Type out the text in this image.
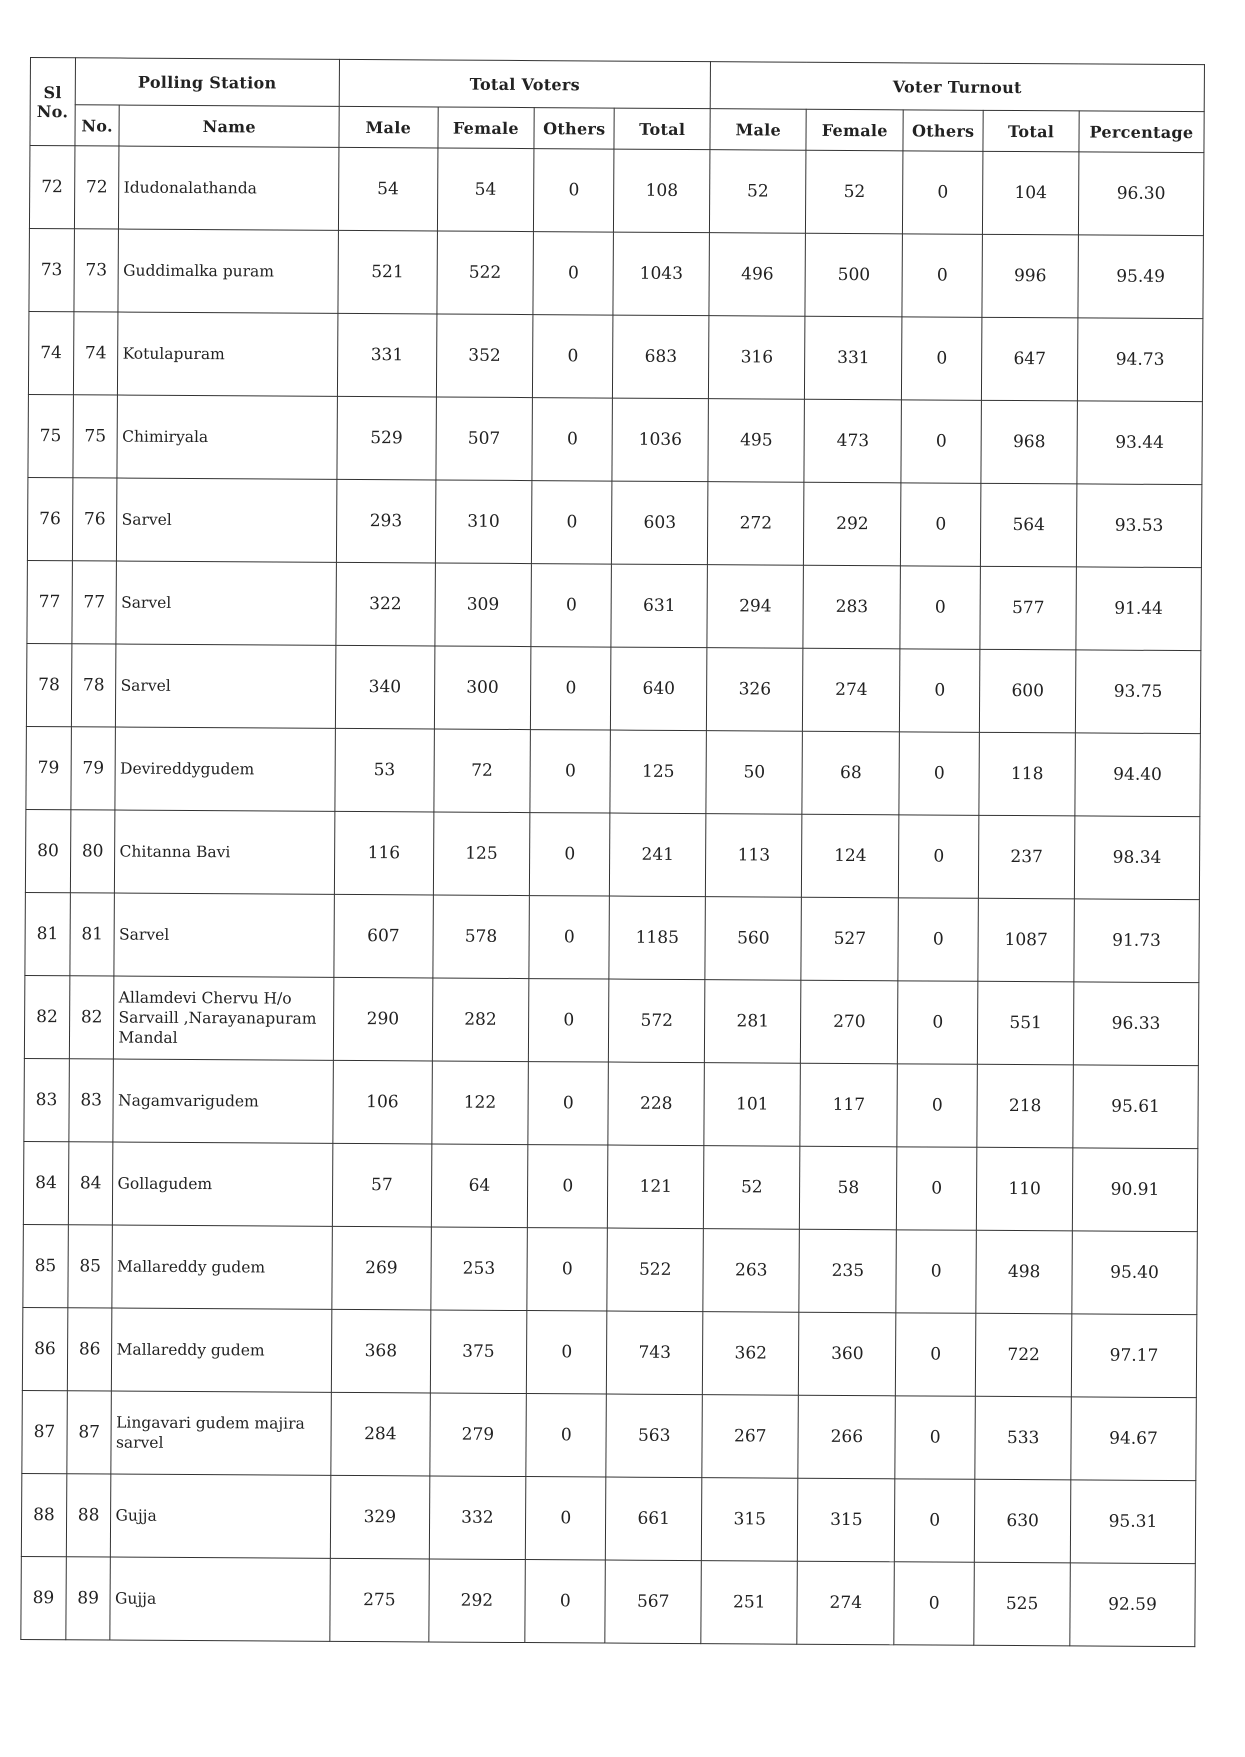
Sl No.	Polling Station		Total Voters				Voter Turnout				
	No.	Name	Male	Female	Others	Total	Male	Female	Others	Total	Percentage
72	72	Idudonalathanda	54	54	0	108	52	52	0	104	96.30
73	73	Guddimalka puram	521	522	0	1043	496	500	0	996	95.49
74	74	Kotulapuram	331	352	0	683	316	331	0	647	94.73
75	75	Chimiryala	529	507	0	1036	495	473	0	968	93.44
76	76	Sarvel	293	310	0	603	272	292	0	564	93.53
77	77	Sarvel	322	309	0	631	294	283	0	577	91.44
78	78	Sarvel	340	300	0	640	326	274	0	600	93.75
79	79	Devireddygudem	53	72	0	125	50	68	0	118	94.40
80	80	Chitanna Bavi	116	125	0	241	113	124	0	237	98.34
81	81	Sarvel	607	578	0	1185	560	527	0	1087	91.73
82	82	Allamdevi Chervu H/o Sarvaill ,Narayanapuram Mandal	290	282	0	572	281	270	0	551	96.33
83	83	Nagamvarigudem	106	122	0	228	101	117	0	218	95.61
84	84	Gollagudem	57	64	0	121	52	58	0	110	90.91
85	85	Mallareddy gudem	269	253	0	522	263	235	0	498	95.40
86	86	Mallareddy gudem	368	375	0	743	362	360	0	722	97.17
87	87	Lingavari gudem majira sarvel	284	279	0	563	267	266	0	533	94.67
88	88	Gujja	329	332	0	661	315	315	0	630	95.31
89	89	Gujja	275	292	0	567	251	274	0	525	92.59
